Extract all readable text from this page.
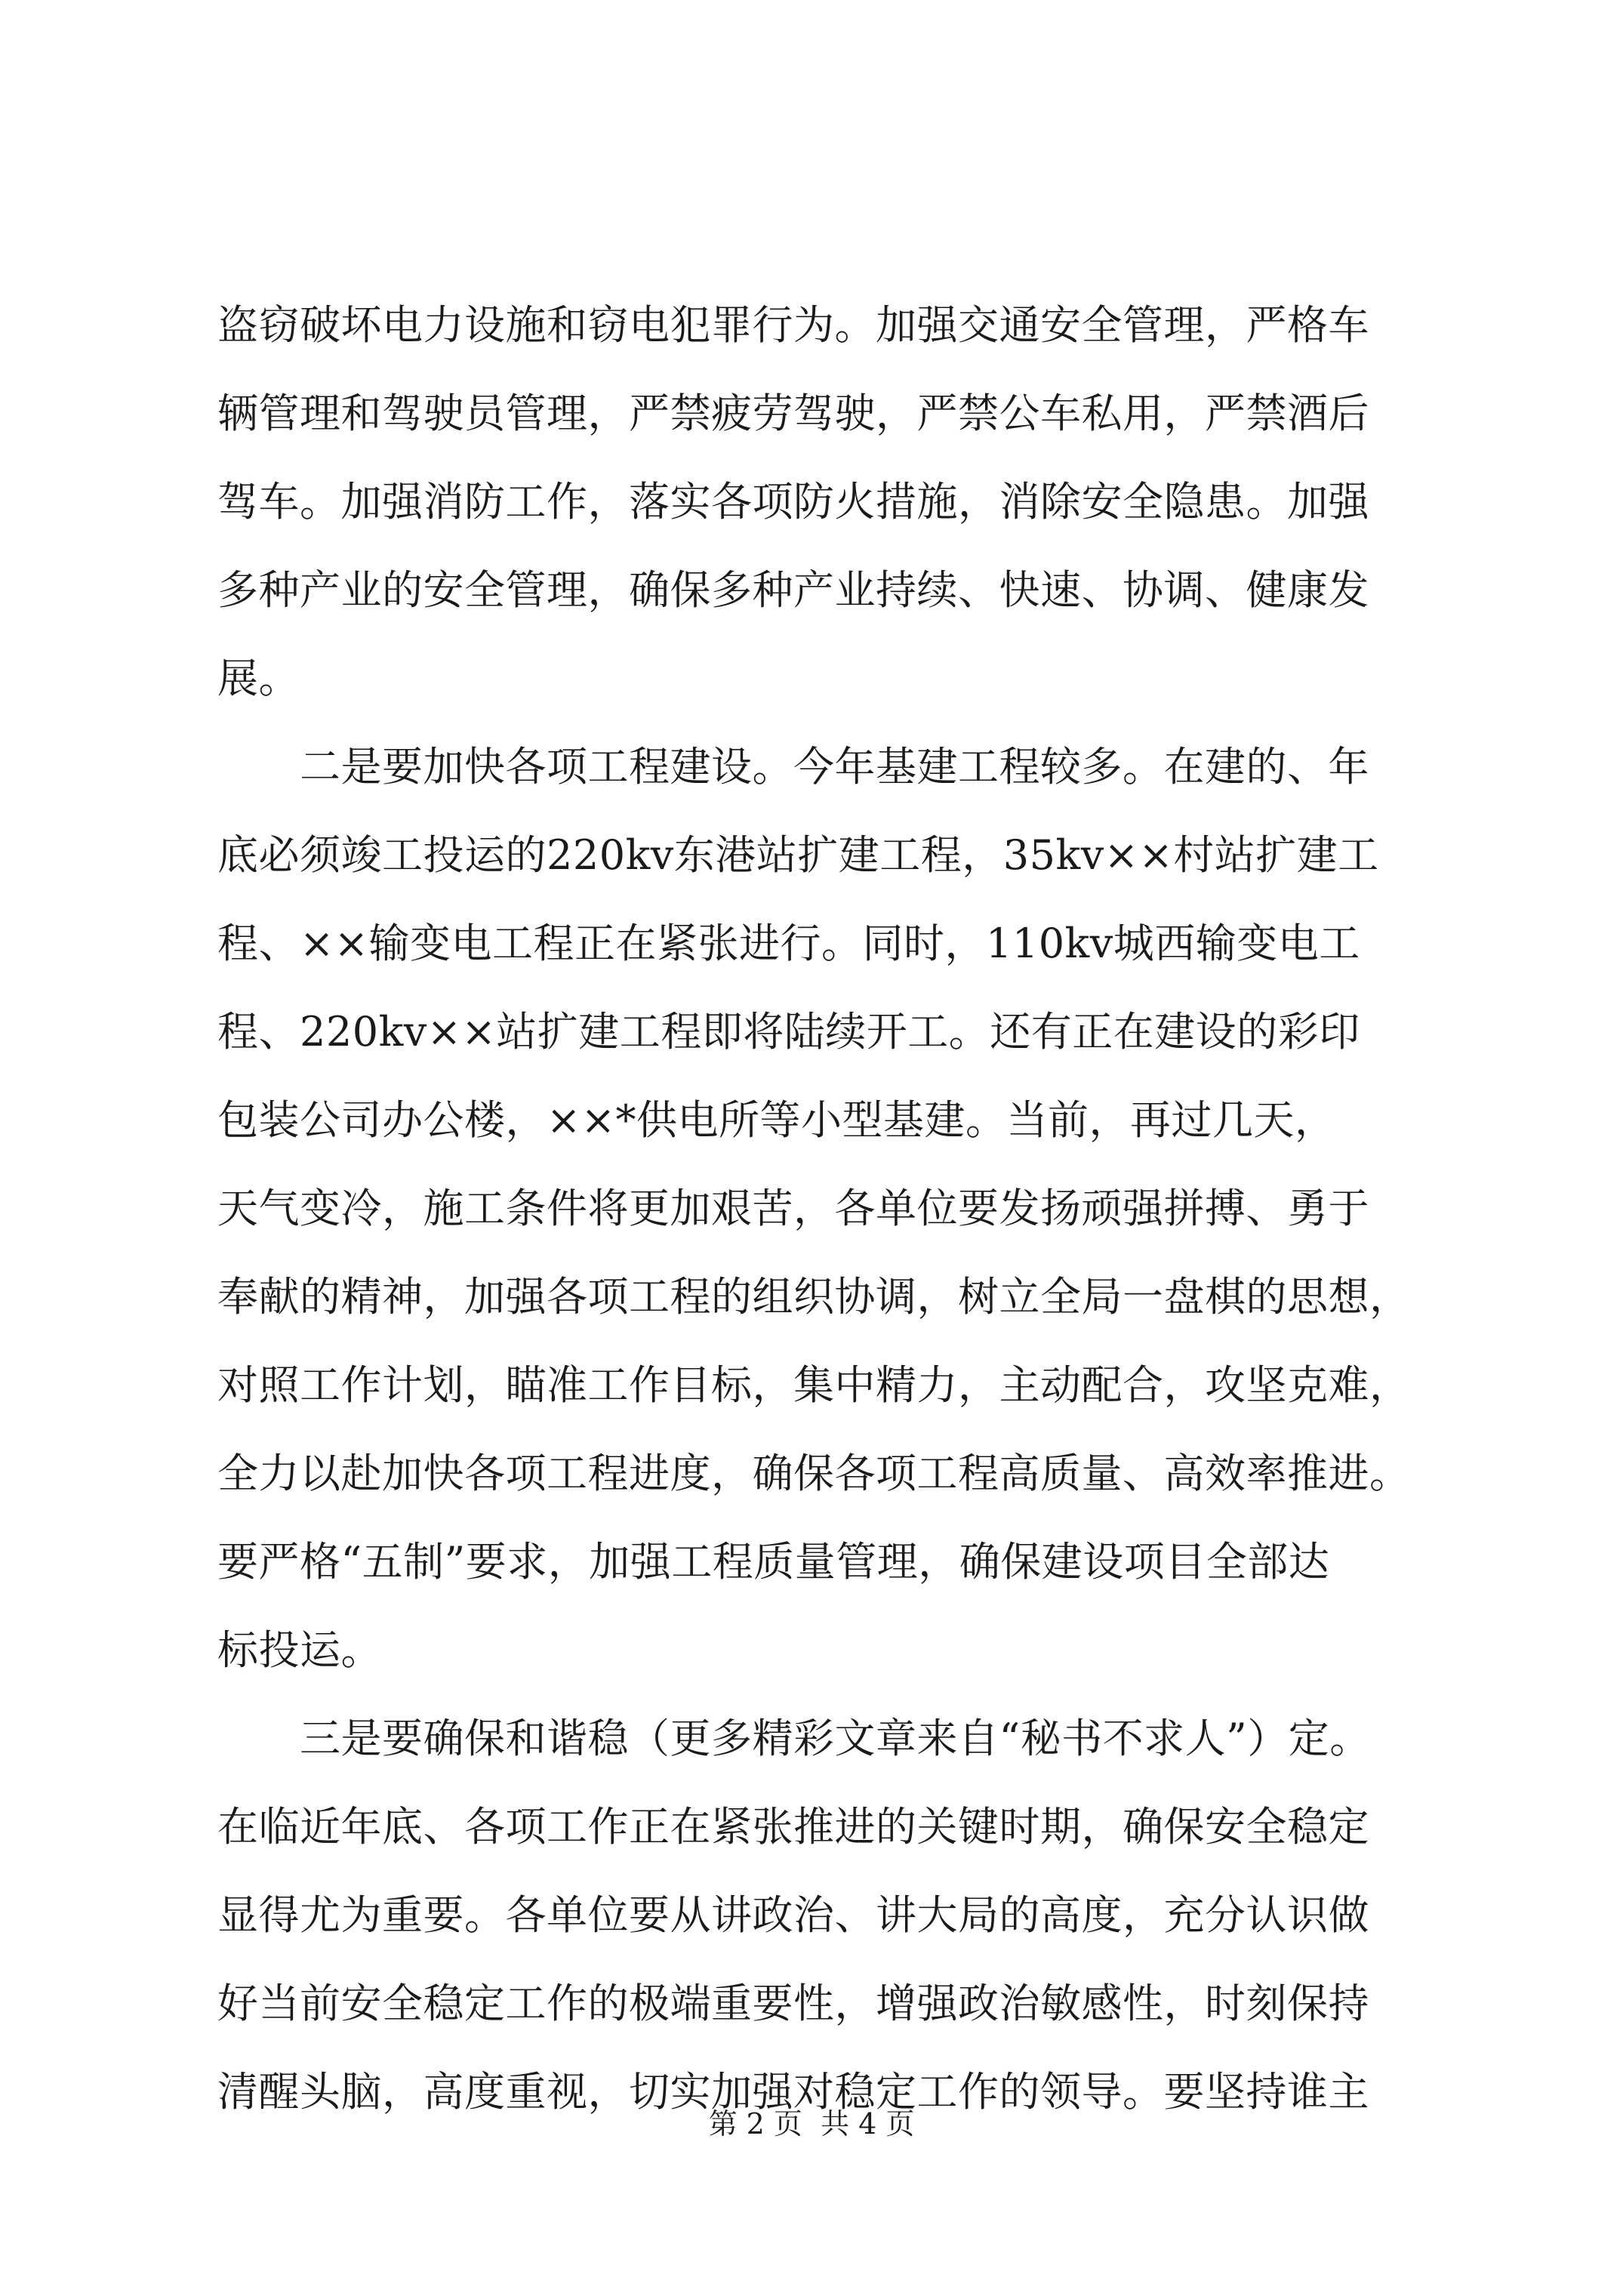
盗窃破坏电力设施和窃电犯罪行为。加强交通安全管理，严格车
辆管理和驾驶员管理，严禁疲劳驾驶，严禁公车私用，严禁酒后
驾车。加强消防工作，落实各项防火措施，消除安全隐患。加强
多种产业的安全管理，确保多种产业持续、快速、协调、健康发
展。
　　二是要加快各项工程建设。今年基建工程较多。在建的、年
底必须竣工投运的220kv东港站扩建工程，35kv××村站扩建工
程、××输变电工程正在紧张进行。同时，110kv城西输变电工
程、220kv××站扩建工程即将陆续开工。还有正在建设的彩印
包装公司办公楼，××*供电所等小型基建。当前，再过几天，
天气变冷，施工条件将更加艰苦，各单位要发扬顽强拼搏、勇于
奉献的精神，加强各项工程的组织协调，树立全局一盘棋的思想，
对照工作计划，瞄准工作目标，集中精力，主动配合，攻坚克难，
全力以赴加快各项工程进度，确保各项工程高质量、高效率推进。
要严格“五制”要求，加强工程质量管理，确保建设项目全部达
标投运。
　　三是要确保和谐稳（更多精彩文章来自“秘书不求人”）定。
在临近年底、各项工作正在紧张推进的关键时期，确保安全稳定
显得尤为重要。各单位要从讲政治、讲大局的高度，充分认识做
好当前安全稳定工作的极端重要性，增强政治敏感性，时刻保持
清醒头脑，高度重视，切实加强对稳定工作的领导。要坚持谁主
第 2 页  共 4 页
